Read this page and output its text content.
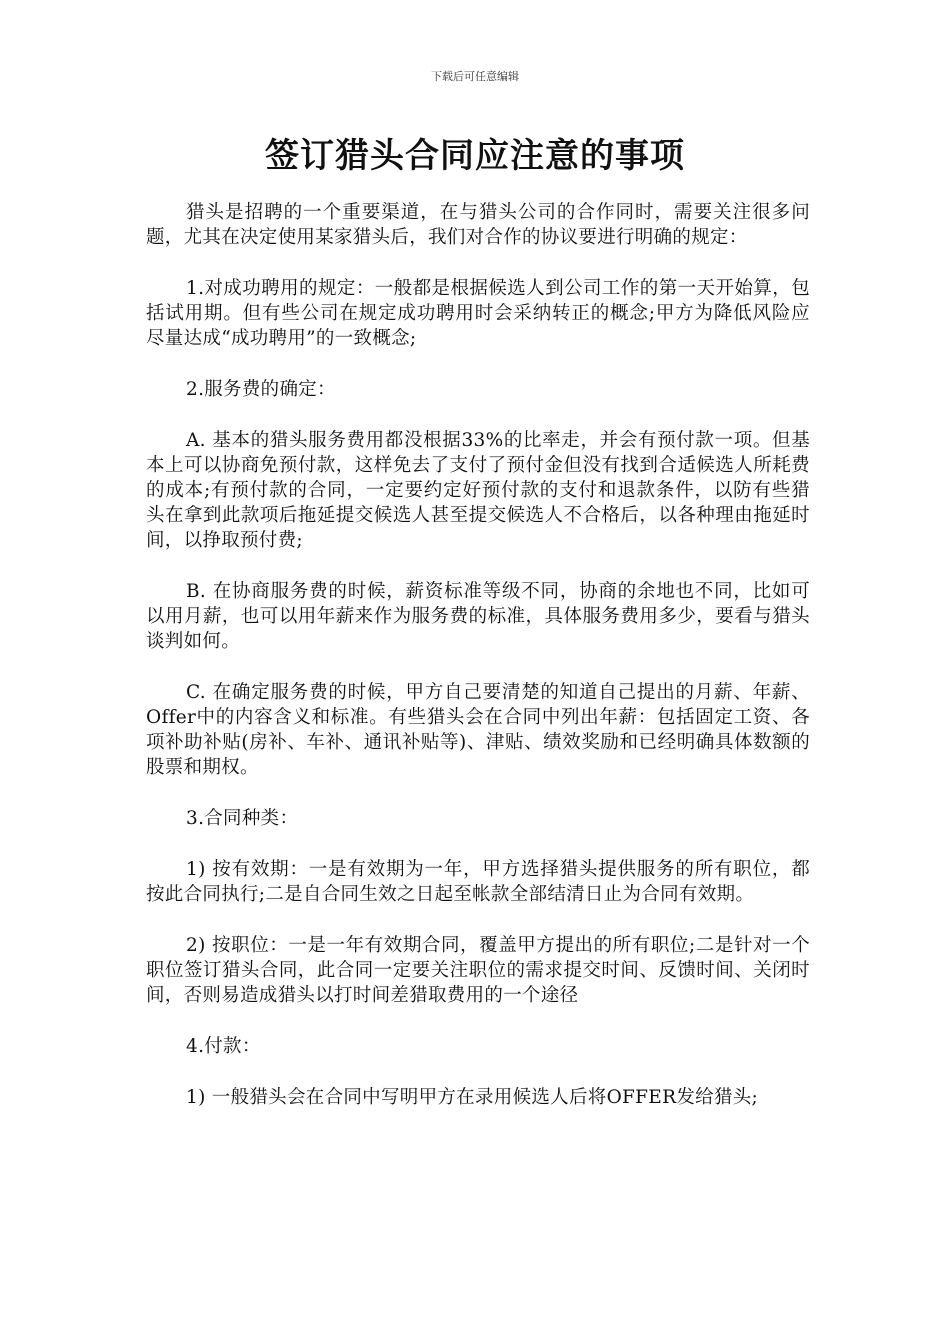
下载后可任意编辑
签订猎头合同应注意的事项

猎头是招聘的一个重要渠道，在与猎头公司的合作同时，需要关注很多问题，尤其在决定使用某家猎头后，我们对合作的协议要进行明确的规定：

1.对成功聘用的规定：一般都是根据候选人到公司工作的第一天开始算，包括试用期。但有些公司在规定成功聘用时会采纳转正的概念;甲方为降低风险应尽量达成“成功聘用”的一致概念;

2.服务费的确定：

A. 基本的猎头服务费用都没根据33%的比率走，并会有预付款一项。但基本上可以协商免预付款，这样免去了支付了预付金但没有找到合适候选人所耗费的成本;有预付款的合同，一定要约定好预付款的支付和退款条件，以防有些猎头在拿到此款项后拖延提交候选人甚至提交候选人不合格后，以各种理由拖延时间，以挣取预付费;

B. 在协商服务费的时候，薪资标准等级不同，协商的余地也不同，比如可以用月薪，也可以用年薪来作为服务费的标准，具体服务费用多少，要看与猎头谈判如何。

C. 在确定服务费的时候，甲方自己要清楚的知道自己提出的月薪、年薪、Offer中的内容含义和标准。有些猎头会在合同中列出年薪：包括固定工资、各项补助补贴(房补、车补、通讯补贴等)、津贴、绩效奖励和已经明确具体数额的股票和期权。

3.合同种类：

1) 按有效期：一是有效期为一年，甲方选择猎头提供服务的所有职位，都按此合同执行;二是自合同生效之日起至帐款全部结清日止为合同有效期。

2) 按职位：一是一年有效期合同，覆盖甲方提出的所有职位;二是针对一个职位签订猎头合同，此合同一定要关注职位的需求提交时间、反馈时间、关闭时间，否则易造成猎头以打时间差猎取费用的一个途径

4.付款：

1) 一般猎头会在合同中写明甲方在录用候选人后将OFFER发给猎头;
